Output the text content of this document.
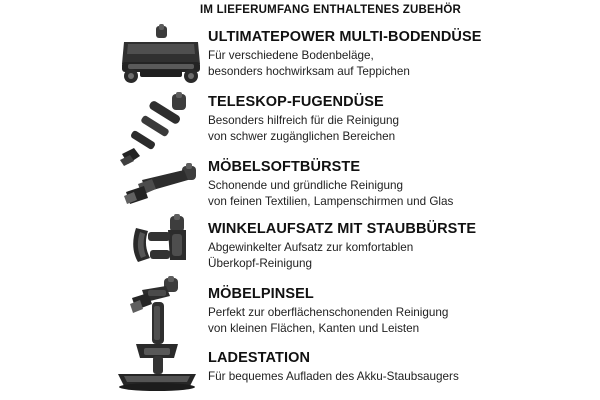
IM LIEFERUMFANG ENTHALTENES ZUBEHÖR
ULTIMATEPOWER MULTI-BODENDÜSE
Für verschiedene Bodenbeläge,
besonders hochwirksam auf Teppichen
TELESKOP-FUGENDÜSE
Besonders hilfreich für die Reinigung
von schwer zugänglichen Bereichen
MÖBELSOFTBÜRSTE
Schonende und gründliche Reinigung
von feinen Textilien, Lampenschirmen und Glas
WINKELAUFSATZ MIT STAUBBÜRSTE
Abgewinkelter Aufsatz zur komfortablen
Überkopf-Reinigung
MÖBELPINSEL
Perfekt zur oberflächenschonenden Reinigung
von kleinen Flächen, Kanten und Leisten
LADESTATION
Für bequemes Aufladen des Akku-Staubsaugers
